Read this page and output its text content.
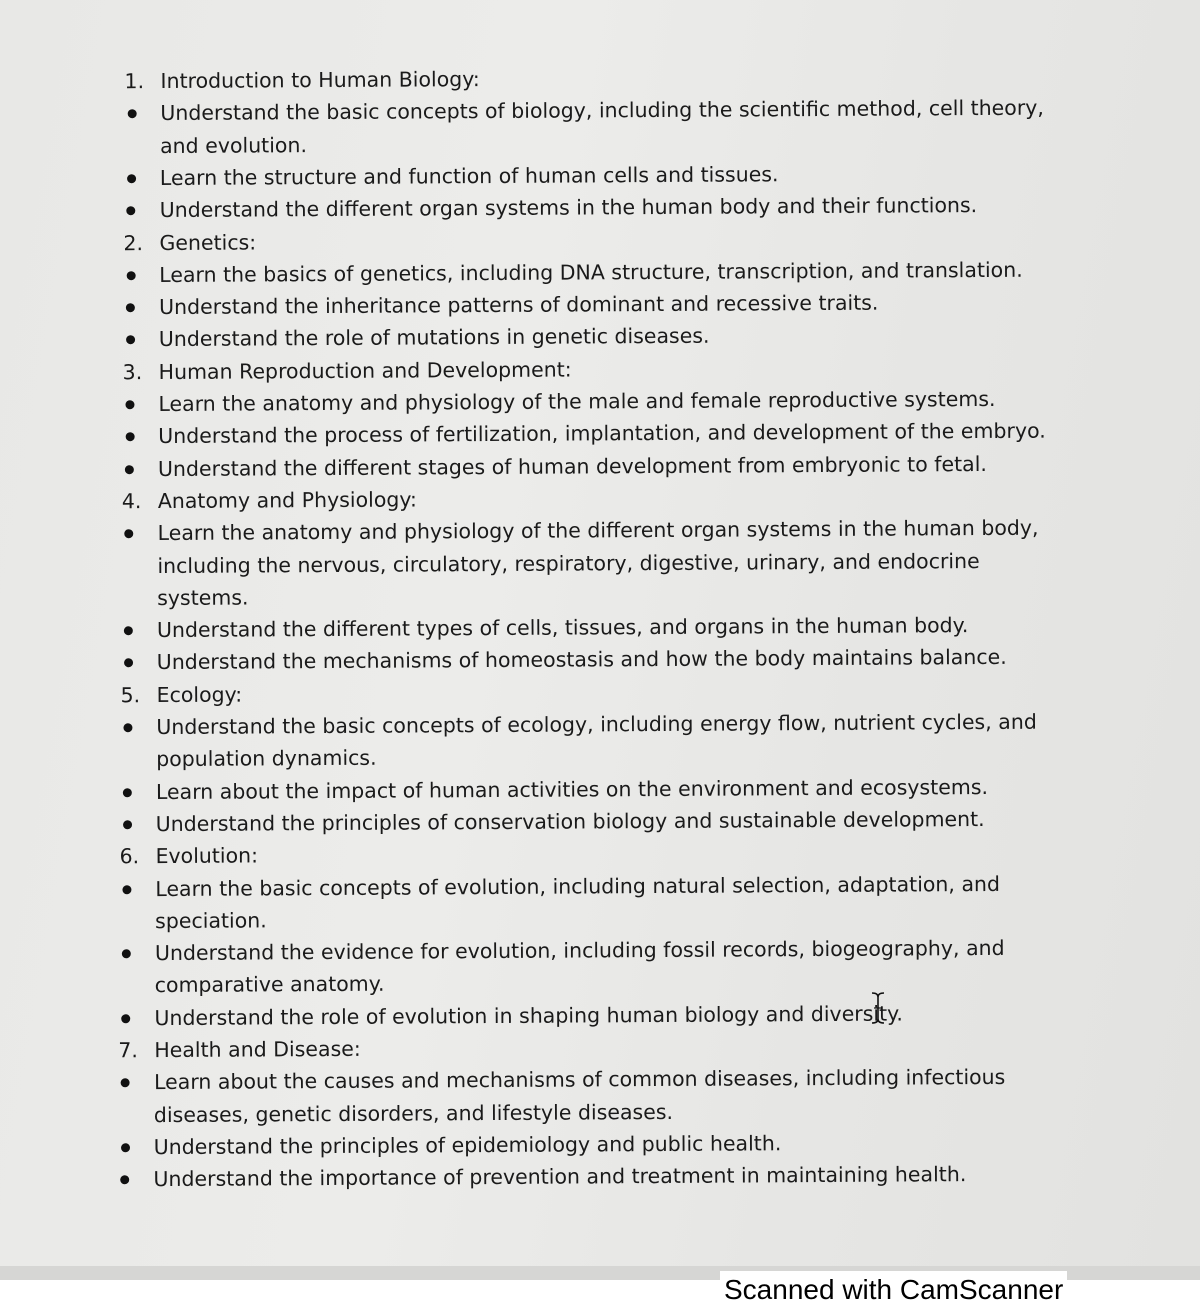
1. Introduction to Human Biology:
Understand the basic concepts of biology, including the scientific method, cell theory,
and evolution.
Learn the structure and function of human cells and tissues.
Understand the different organ systems in the human body and their functions.
2. Genetics:
Learn the basics of genetics, including DNA structure, transcription, and translation.
Understand the inheritance patterns of dominant and recessive traits.
Understand the role of mutations in genetic diseases.
3. Human Reproduction and Development:
Learn the anatomy and physiology of the male and female reproductive systems.
Understand the process of fertilization, implantation, and development of the embryo.
Understand the different stages of human development from embryonic to fetal.
4. Anatomy and Physiology:
Learn the anatomy and physiology of the different organ systems in the human body,
including the nervous, circulatory, respiratory, digestive, urinary, and endocrine
systems.
Understand the different types of cells, tissues, and organs in the human body.
Understand the mechanisms of homeostasis and how the body maintains balance.
5. Ecology:
Understand the basic concepts of ecology, including energy flow, nutrient cycles, and
population dynamics.
Learn about the impact of human activities on the environment and ecosystems.
Understand the principles of conservation biology and sustainable development.
6. Evolution:
Learn the basic concepts of evolution, including natural selection, adaptation, and
speciation.
Understand the evidence for evolution, including fossil records, biogeography, and
comparative anatomy.
Understand the role of evolution in shaping human biology and diversity.
7. Health and Disease:
Learn about the causes and mechanisms of common diseases, including infectious
diseases, genetic disorders, and lifestyle diseases.
Understand the principles of epidemiology and public health.
Understand the importance of prevention and treatment in maintaining health.
Scanned with CamScanner
